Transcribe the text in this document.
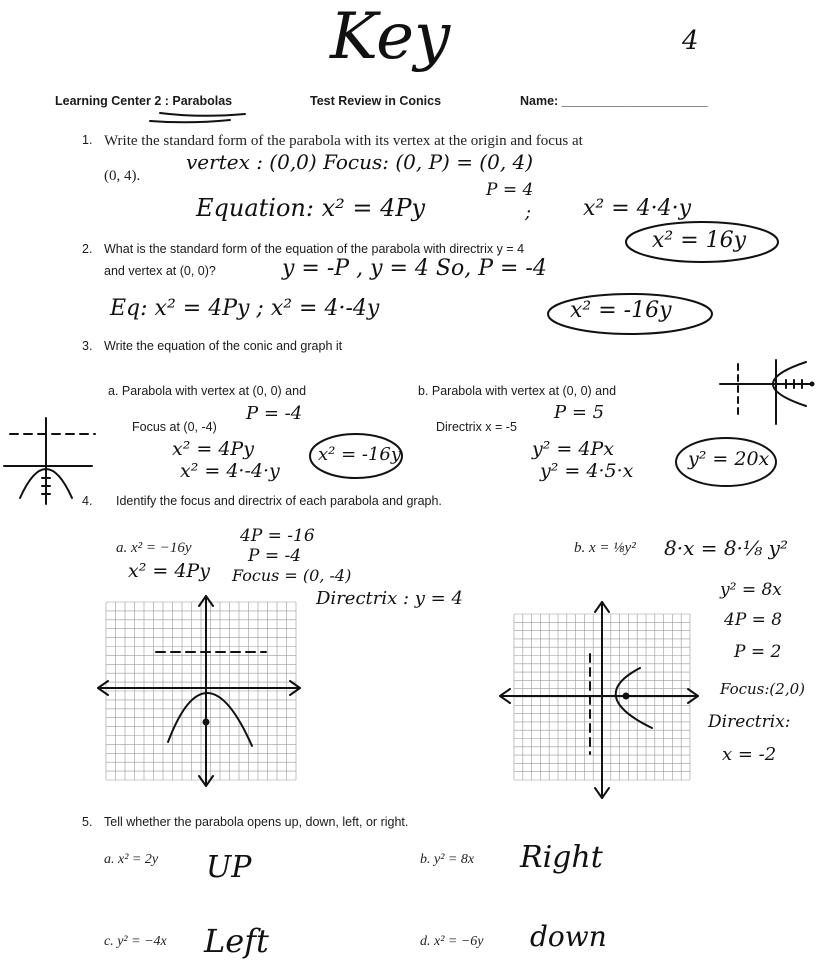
Key	4
Learning Center 2 : Parabolas	Test Review in Conics	Name: _____________________
1. Write the standard form of the parabola with its vertex at the origin and focus at
(0, 4).
vertex : (0,0) Focus: (0, P) = (0, 4)
P = 4
Equation: x² = 4Py	; x² = 4·4·y
x² = 16y
2. What is the standard form of the equation of the parabola with directrix y = 4
and vertex at (0, 0)?	y = -P , y = 4 So, P = -4
Eq: x² = 4Py ; x² = 4·-4y	x² = -16y
3. Write the equation of the conic and graph it
a. Parabola with vertex at (0, 0) and
Focus at (0, -4)
P = -4
x² = 4Py
x² = 4·-4·y
x² = -16y
b. Parabola with vertex at (0, 0) and
Directrix x = -5
P = 5
y² = 4Px
y² = 4·5·x
y² = 20x
4. Identify the focus and directrix of each parabola and graph.
a. x² = −16y
x² = 4Py
4P = -16
P = -4
Focus = (0, -4)
Directrix : y = 4
b. x = ⅛y² 8·x = 8·⅛ y²
y² = 8x
4P = 8
P = 2
Focus:(2,0)
Directrix:
x = -2
5. Tell whether the parabola opens up, down, left, or right.
a. x² = 2y UP	b. y² = 8x Right
c. y² = −4x Left	d. x² = −6y down
